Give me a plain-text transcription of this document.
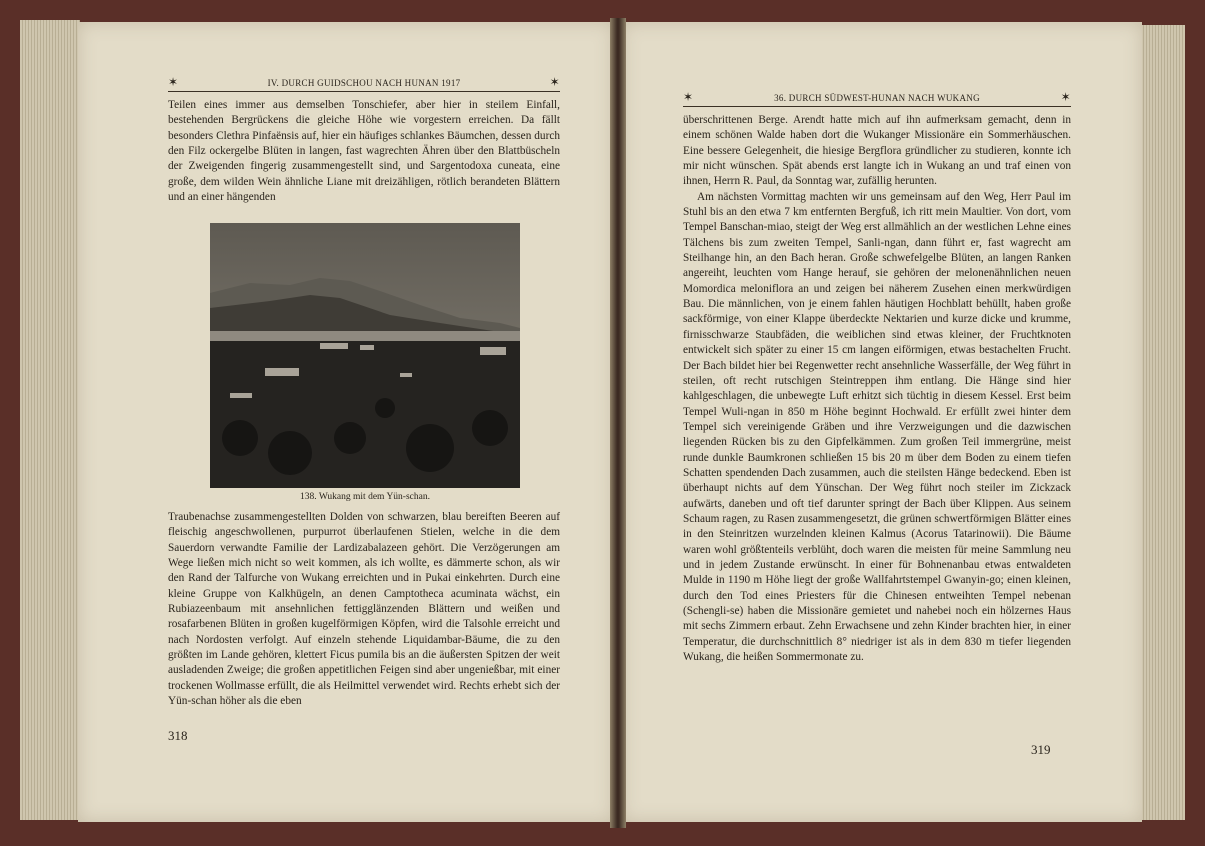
✶	IV. DURCH GUIDSCHOU NACH HUNAN 1917	✶

Teilen eines immer aus demselben Tonschiefer, aber hier in steilem Einfall, bestehenden Bergrückens die gleiche Höhe wie vorgestern erreichen. Da fällt besonders Clethra Pinfaënsis auf, hier ein häufiges schlankes Bäumchen, dessen durch den Filz ockergelbe Blüten in langen, fast wagrechten Ähren über den Blattbüscheln der Zweigenden fingerig zusammengestellt sind, und Sargentodoxa cuneata, eine große, dem wilden Wein ähnliche Liane mit dreizähligen, rötlich berandeten Blättern und an einer hängenden

138. Wukang mit dem Yün-schan.

Traubenachse zusammengestellten Dolden von schwarzen, blau bereiften Beeren auf fleischig angeschwollenen, purpurrot überlaufenen Stielen, welche in die dem Sauerdorn verwandte Familie der Lardizabalazeen gehört. Die Verzögerungen am Wege ließen mich nicht so weit kommen, als ich wollte, es dämmerte schon, als wir den Rand der Talfurche von Wukang erreichten und in Pukai einkehrten. Durch eine kleine Gruppe von Kalkhügeln, an denen Camptotheca acuminata wächst, ein Rubiazeenbaum mit ansehnlichen fettigglänzenden Blättern und weißen und rosafarbenen Blüten in großen kugelförmigen Köpfen, wird die Talsohle erreicht und nach Nordosten verfolgt. Auf einzeln stehende Liquidambar-Bäume, die zu den größten im Lande gehören, klettert Ficus pumila bis an die äußersten Spitzen der weit ausladenden Zweige; die großen appetitlichen Feigen sind aber ungenießbar, mit einer trockenen Wollmasse erfüllt, die als Heilmittel verwendet wird. Rechts erhebt sich der Yün-schan höher als die eben

318
✶	36. DURCH SÜDWEST-HUNAN NACH WUKANG	✶

überschrittenen Berge. Arendt hatte mich auf ihn aufmerksam gemacht, denn in einem schönen Walde haben dort die Wukanger Missionäre ein Sommerhäuschen. Eine bessere Gelegenheit, die hiesige Bergflora gründlicher zu studieren, konnte ich mir nicht wünschen. Spät abends erst langte ich in Wukang an und traf einen von ihnen, Herrn R. Paul, da Sonntag war, zufällig herunten.

Am nächsten Vormittag machten wir uns gemeinsam auf den Weg, Herr Paul im Stuhl bis an den etwa 7 km entfernten Bergfuß, ich ritt mein Maultier. Von dort, vom Tempel Banschan-miao, steigt der Weg erst allmählich an der westlichen Lehne eines Tälchens bis zum zweiten Tempel, Sanli-ngan, dann führt er, fast wagrecht am Steilhange hin, an den Bach heran. Große schwefelgelbe Blüten, an langen Ranken angereiht, leuchten vom Hange herauf, sie gehören der melonenähnlichen neuen Momordica meloniflora an und zeigen bei näherem Zusehen einen merkwürdigen Bau. Die männlichen, von je einem fahlen häutigen Hochblatt behüllt, haben große sackförmige, von einer Klappe überdeckte Nektarien und kurze dicke und krumme, firnisschwarze Staubfäden, die weiblichen sind etwas kleiner, der Fruchtknoten entwickelt sich später zu einer 15 cm langen eiförmigen, etwas bestachelten Frucht. Der Bach bildet hier bei Regenwetter recht ansehnliche Wasserfälle, der Weg führt in steilen, oft recht rutschigen Steintreppen ihm entlang. Die Hänge sind hier kahlgeschlagen, die unbewegte Luft erhitzt sich tüchtig in diesem Kessel. Erst beim Tempel Wuli-ngan in 850 m Höhe beginnt Hochwald. Er erfüllt zwei hinter dem Tempel sich vereinigende Gräben und ihre Verzweigungen und die dazwischen liegenden Rücken bis zu den Gipfelkämmen. Zum großen Teil immergrüne, meist runde dunkle Baumkronen schließen 15 bis 20 m über dem Boden zu einem tiefen Schatten spendenden Dach zusammen, auch die steilsten Hänge bedeckend. Eben ist überhaupt nichts auf dem Yünschan. Der Weg führt noch steiler im Zickzack aufwärts, daneben und oft tief darunter springt der Bach über Klippen. Aus seinem Schaum ragen, zu Rasen zusammengesetzt, die grünen schwertförmigen Blätter eines in den Steinritzen wurzelnden kleinen Kalmus (Acorus Tatarinowii). Die Bäume waren wohl größtenteils verblüht, doch waren die meisten für meine Sammlung neu und in jedem Zustande erwünscht. In einer für Bohnenanbau etwas entwaldeten Mulde in 1190 m Höhe liegt der große Wallfahrtstempel Gwanyin-go; einen kleinen, durch den Tod eines Priesters für die Chinesen entweihten Tempel nebenan (Schengli-se) haben die Missionäre gemietet und nahebei noch ein hölzernes Haus mit sechs Zimmern erbaut. Zehn Erwachsene und zehn Kinder brachten hier, in einer Temperatur, die durchschnittlich 8° niedriger ist als in dem 830 m tiefer liegenden Wukang, die heißen Sommermonate zu.

319
